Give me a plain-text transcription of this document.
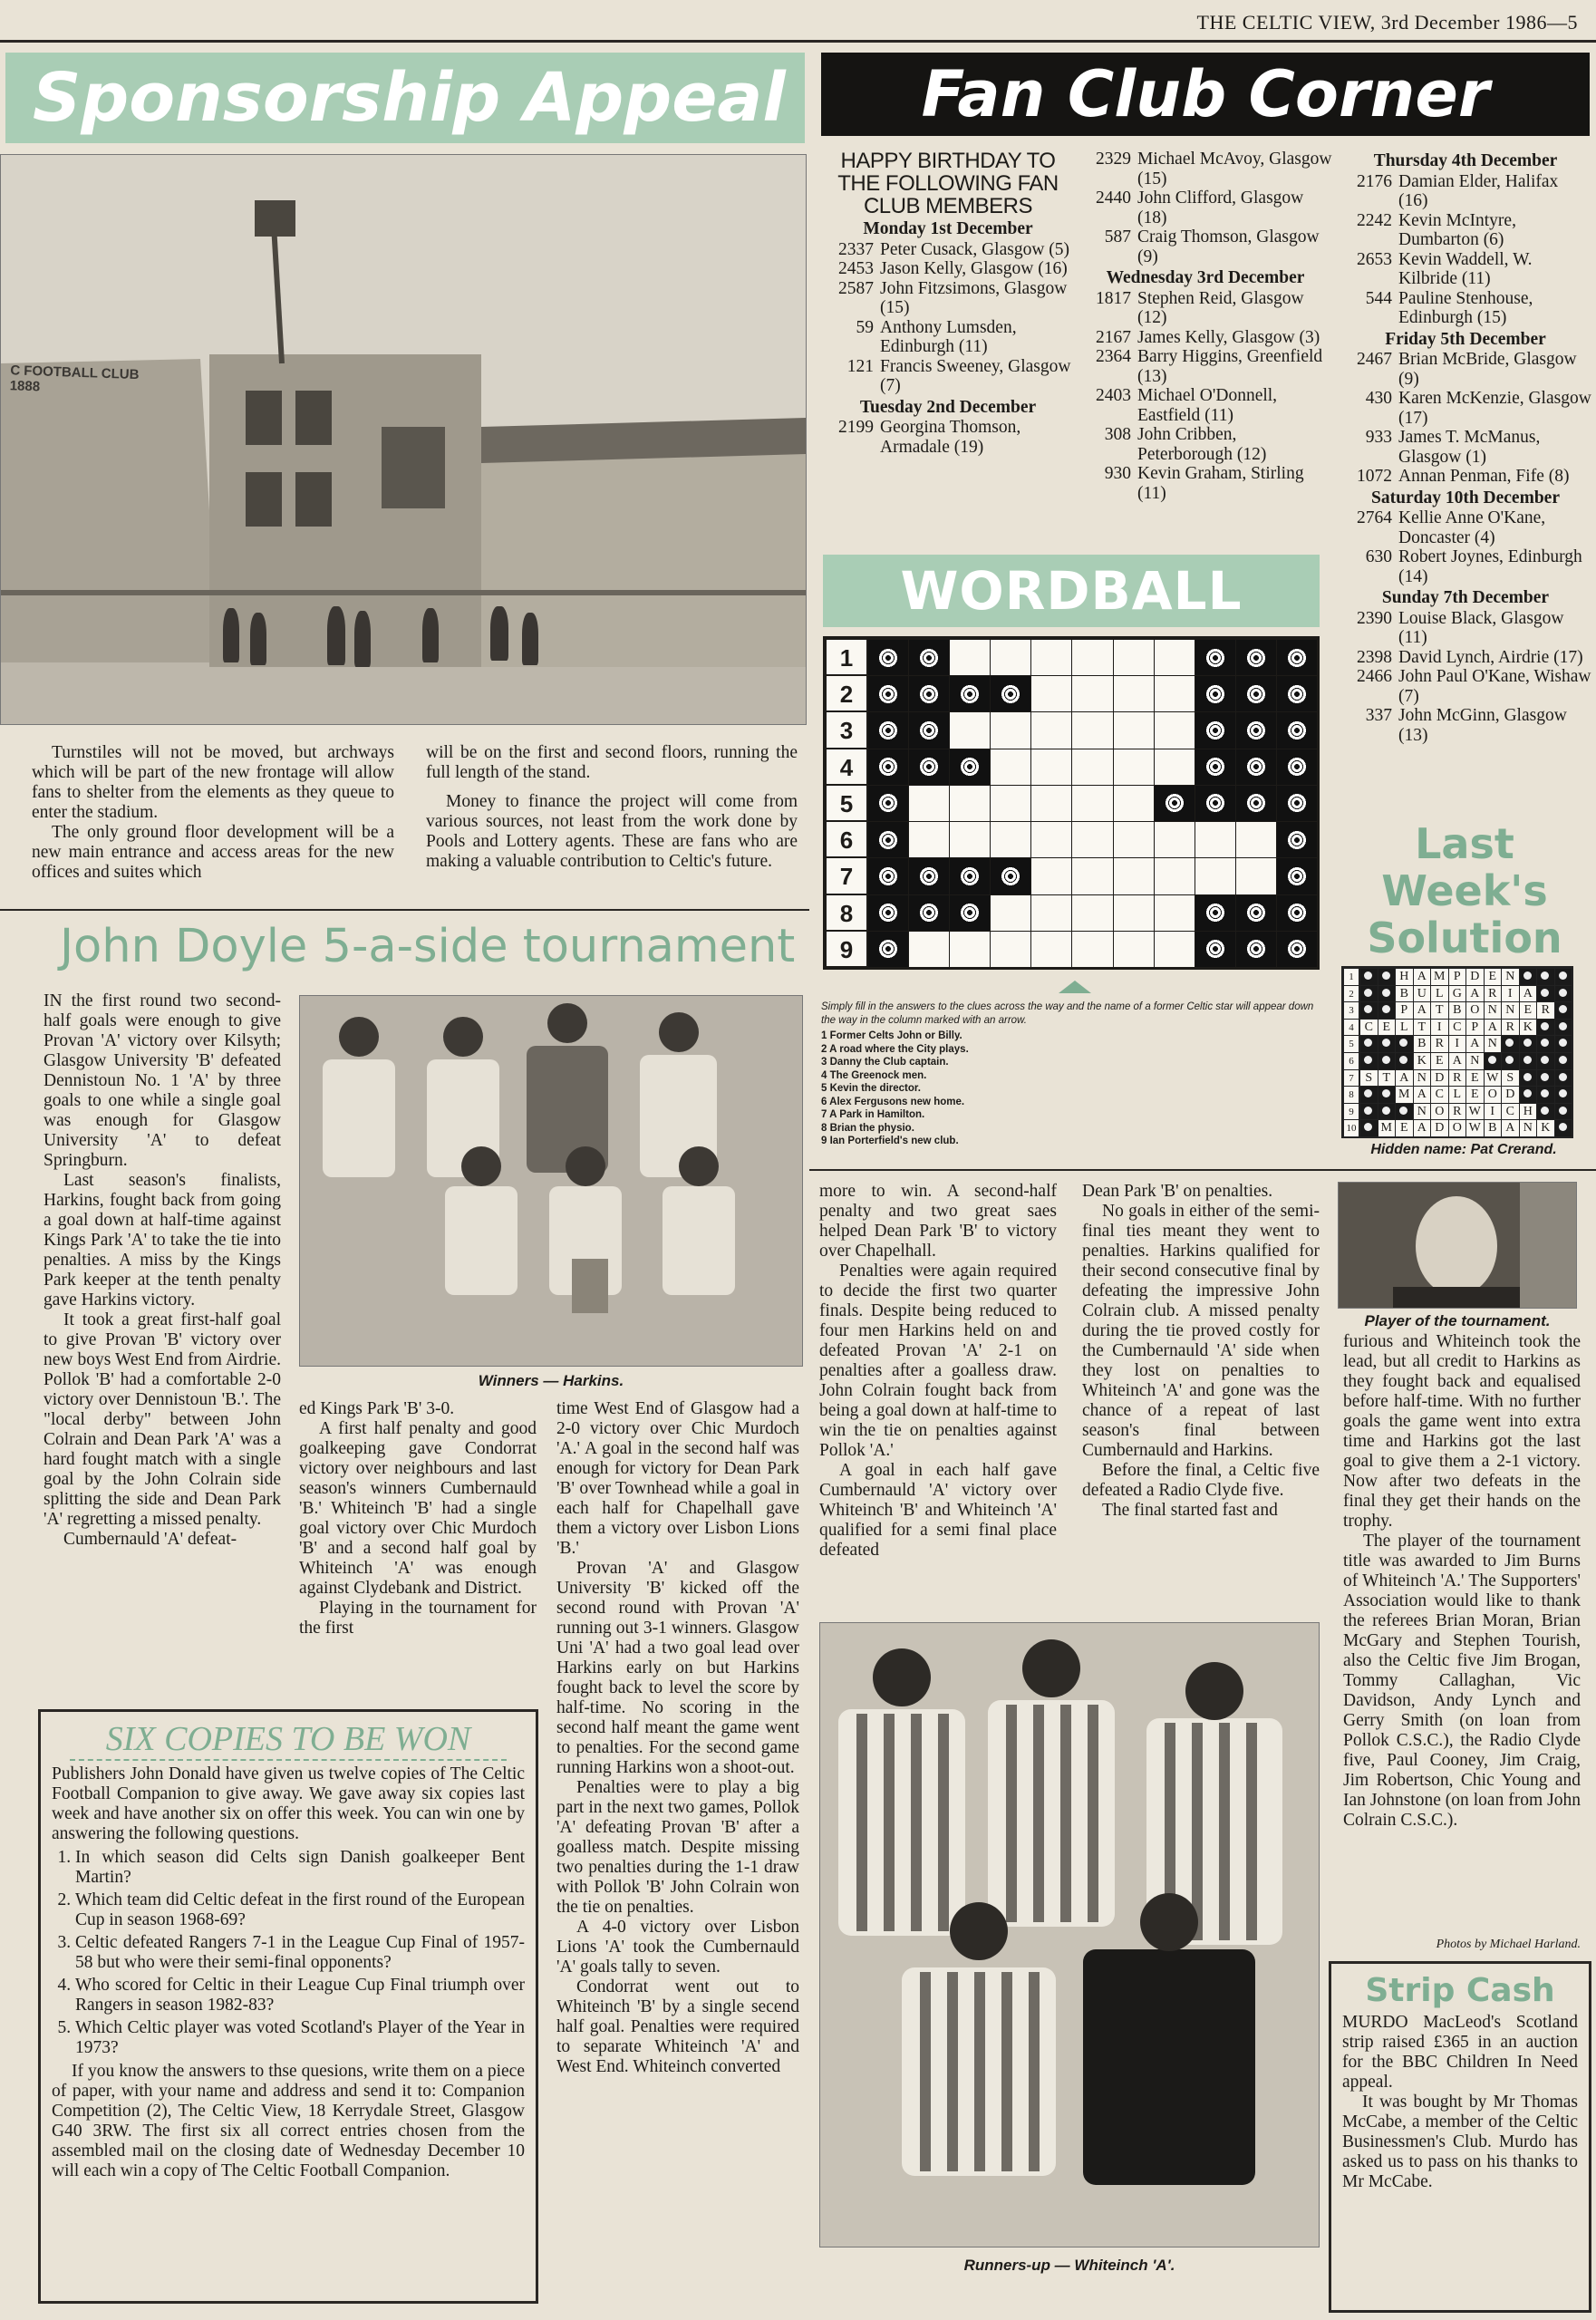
THE CELTIC VIEW, 3rd December 1986—5
Sponsorship Appeal
C FOOTBALL CLUB 1888

Turnstiles will not be moved, but archways which will be part of the new frontage will allow fans to shelter from the elements as they queue to enter the stadium.

The only ground floor development will be a new main entrance and access areas for the new offices and suites which

will be on the first and second floors, running the full length of the stand.

Money to finance the project will come from various sources, not least from the work done by Pools and Lottery agents. These are fans who are making a valuable contribution to Celtic's future.

Fan Club Corner
HAPPY BIRTHDAY TO THE FOLLOWING FAN CLUB MEMBERS
Monday 1st December
2337 Peter Cusack, Glasgow (5)
2453 Jason Kelly, Glasgow (16)
2587 John Fitzsimons, Glasgow (15)
59 Anthony Lumsden, Edinburgh (11)
121 Francis Sweeney, Glasgow (7)
Tuesday 2nd December
2199 Georgina Thomson, Armadale (19)
2329 Michael McAvoy, Glasgow (15)
2440 John Clifford, Glasgow (18)
587 Craig Thomson, Glasgow (9)
Wednesday 3rd December
1817 Stephen Reid, Glasgow (12)
2167 James Kelly, Glasgow (3)
2364 Barry Higgins, Greenfield (13)
2403 Michael O'Donnell, Eastfield (11)
308 John Cribben, Peterborough (12)
930 Kevin Graham, Stirling (11)
Thursday 4th December
2176 Damian Elder, Halifax (16)
2242 Kevin McIntyre, Dumbarton (6)
2653 Kevin Waddell, W. Kilbride (11)
544 Pauline Stenhouse, Edinburgh (15)
Friday 5th December
2467 Brian McBride, Glasgow (9)
430 Karen McKenzie, Glasgow (17)
933 James T. McManus, Glasgow (1)
1072 Annan Penman, Fife (8)
Saturday 10th December
2764 Kellie Anne O'Kane, Doncaster (4)
630 Robert Joynes, Edinburgh (14)
Sunday 7th December
2390 Louise Black, Glasgow (11)
2398 David Lynch, Airdrie (17)
2466 John Paul O'Kane, Wishaw (7)
337 John McGinn, Glasgow (13)
WORDBALL
1
2
3
4
5
6
7
8
9
Simply fill in the answers to the clues across the way and the name of a former Celtic star will appear down the way in the column marked with an arrow.
1 Former Celts John or Billy.
2 A road where the City plays.
3 Danny the Club captain.
4 The Greenock men.
5 Kevin the director.
6 Alex Fergusons new home.
7 A Park in Hamilton.
8 Brian the physio.
9 Ian Porterfield's new club.
Last
Week's
Solution
1	H A M P D E N
2	B U L G A R I A
3	P A T B O N N E R
4 C E L T I C P A R K
5	B R I A N
6	K E A N
7 S T A N D R E W S
8	M A C L E O D
9	N O R W I C H
10 M E A D O W B A N K
Hidden name: Pat Crerand.
John Doyle 5-a-side tournament
Winners — Harkins.

IN the first round two second-half goals were enough to give Provan 'A' victory over Kilsyth; Glasgow University 'B' defeated Dennistoun No. 1 'A' by three goals to one while a single goal was enough for Glasgow University 'A' to defeat Springburn.

Last season's finalists, Harkins, fought back from going a goal down at half-time against Kings Park 'A' to take the tie into penalties. A miss by the Kings Park keeper at the tenth penalty gave Harkins victory.

It took a great first-half goal to give Provan 'B' victory over new boys West End from Airdrie. Pollok 'B' had a comfortable 2-0 victory over Dennistoun 'B.'. The "local derby" between John Colrain and Dean Park 'A' was a hard fought match with a single goal by the John Colrain side splitting the side and Dean Park 'A' regretting a missed penalty.

Cumbernauld 'A' defeat-

ed Kings Park 'B' 3-0.

A first half penalty and good goalkeeping gave Condorrat victory over neighbours and last season's winners Cumbernauld 'B.' Whiteinch 'B' had a single goal victory over Chic Murdoch 'B' and a second half goal by Whiteinch 'A' was enough against Clydebank and District.

Playing in the tournament for the first

time West End of Glasgow had a 2-0 victory over Chic Murdoch 'A.' A goal in the second half was enough for victory for Dean Park 'B' over Townhead while a goal in each half for Chapelhall gave them a victory over Lisbon Lions 'B.'

Provan 'A' and Glasgow University 'B' kicked off the second round with Provan 'A' running out 3-1 winners. Glasgow Uni 'A' had a two goal lead over Harkins early on but Harkins fought back to level the score by half-time. No scoring in the second half meant the game went to penalties. For the second game running Harkins won a shoot-out.

Penalties were to play a big part in the next two games, Pollok 'A' defeating Provan 'B' after a goalless match. Despite missing two penalties during the 1-1 draw with Pollok 'B' John Colrain won the tie on penalties.

A 4-0 victory over Lisbon Lions 'A' took the Cumbernauld 'A' goals tally to seven.

Condorrat went out to Whiteinch 'B' by a single secend half goal. Penalties were required to separate Whiteinch 'A' and West End. Whiteinch converted

more to win. A second-half penalty and two great saes helped Dean Park 'B' to victory over Chapelhall.

Penalties were again required to decide the first two quarter finals. Despite being reduced to four men Harkins held on and defeated Provan 'A' 2-1 on penalties after a goalless draw. John Colrain fought back from being a goal down at half-time to win the tie on penalties against Pollok 'A.'

A goal in each half gave Cumbernauld 'A' victory over Whiteinch 'B' and Whiteinch 'A' qualified for a semi final place defeated

Dean Park 'B' on penalties.

No goals in either of the semi-final ties meant they went to penalties. Harkins qualified for their second consecutive final by defeating the impressive John Colrain club. A missed penalty during the tie proved costly for the Cumbernauld 'A' side when they lost on penalties to Whiteinch 'A' and gone was the chance of a repeat of last season's final between Cumbernauld and Harkins.

Before the final, a Celtic five defeated a Radio Clyde five.

The final started fast and

Runners-up — Whiteinch 'A'.
Player of the tournament.

furious and Whiteinch took the lead, but all credit to Harkins as they fought back and equalised before half-time. With no further goals the game went into extra time and Harkins got the last goal to give them a 2-1 victory. Now after two defeats in the final they get their hands on the trophy.

The player of the tournament title was awarded to Jim Burns of Whiteinch 'A.' The Supporters' Association would like to thank the referees Brian Moran, Brian McGary and Stephen Tourish, also the Celtic five Jim Brogan, Tommy Callaghan, Vic Davidson, Andy Lynch and Gerry Smith (on loan from Pollok C.S.C.), the Radio Clyde five, Paul Cooney, Jim Craig, Jim Robertson, Chic Young and Ian Johnstone (on loan from John Colrain C.S.C.).

Photos by Michael Harland.
SIX COPIES TO BE WON

Publishers John Donald have given us twelve copies of The Celtic Football Companion to give away. We gave away six copies last week and have another six on offer this week. You can win one by answering the following questions.

1. In which season did Celts sign Danish goalkeeper Bent Martin?
2. Which team did Celtic defeat in the first round of the European Cup in season 1968-69?
3. Celtic defeated Rangers 7-1 in the League Cup Final of 1957-58 but who were their semi-final opponents?
4. Who scored for Celtic in their League Cup Final triumph over Rangers in season 1982-83?
5. Which Celtic player was voted Scotland's Player of the Year in 1973?

If you know the answers to thse quesions, write them on a piece of paper, with your name and address and send it to: Companion Competition (2), The Celtic View, 18 Kerrydale Street, Glasgow G40 3RW. The first six all correct entries chosen from the assembled mail on the closing date of Wednesday December 10 will each win a copy of The Celtic Football Companion.

Strip Cash

MURDO MacLeod's Scotland strip raised £365 in an auction for the BBC Children In Need appeal.

It was bought by Mr Thomas McCabe, a member of the Celtic Businessmen's Club. Murdo has asked us to pass on his thanks to Mr McCabe.
